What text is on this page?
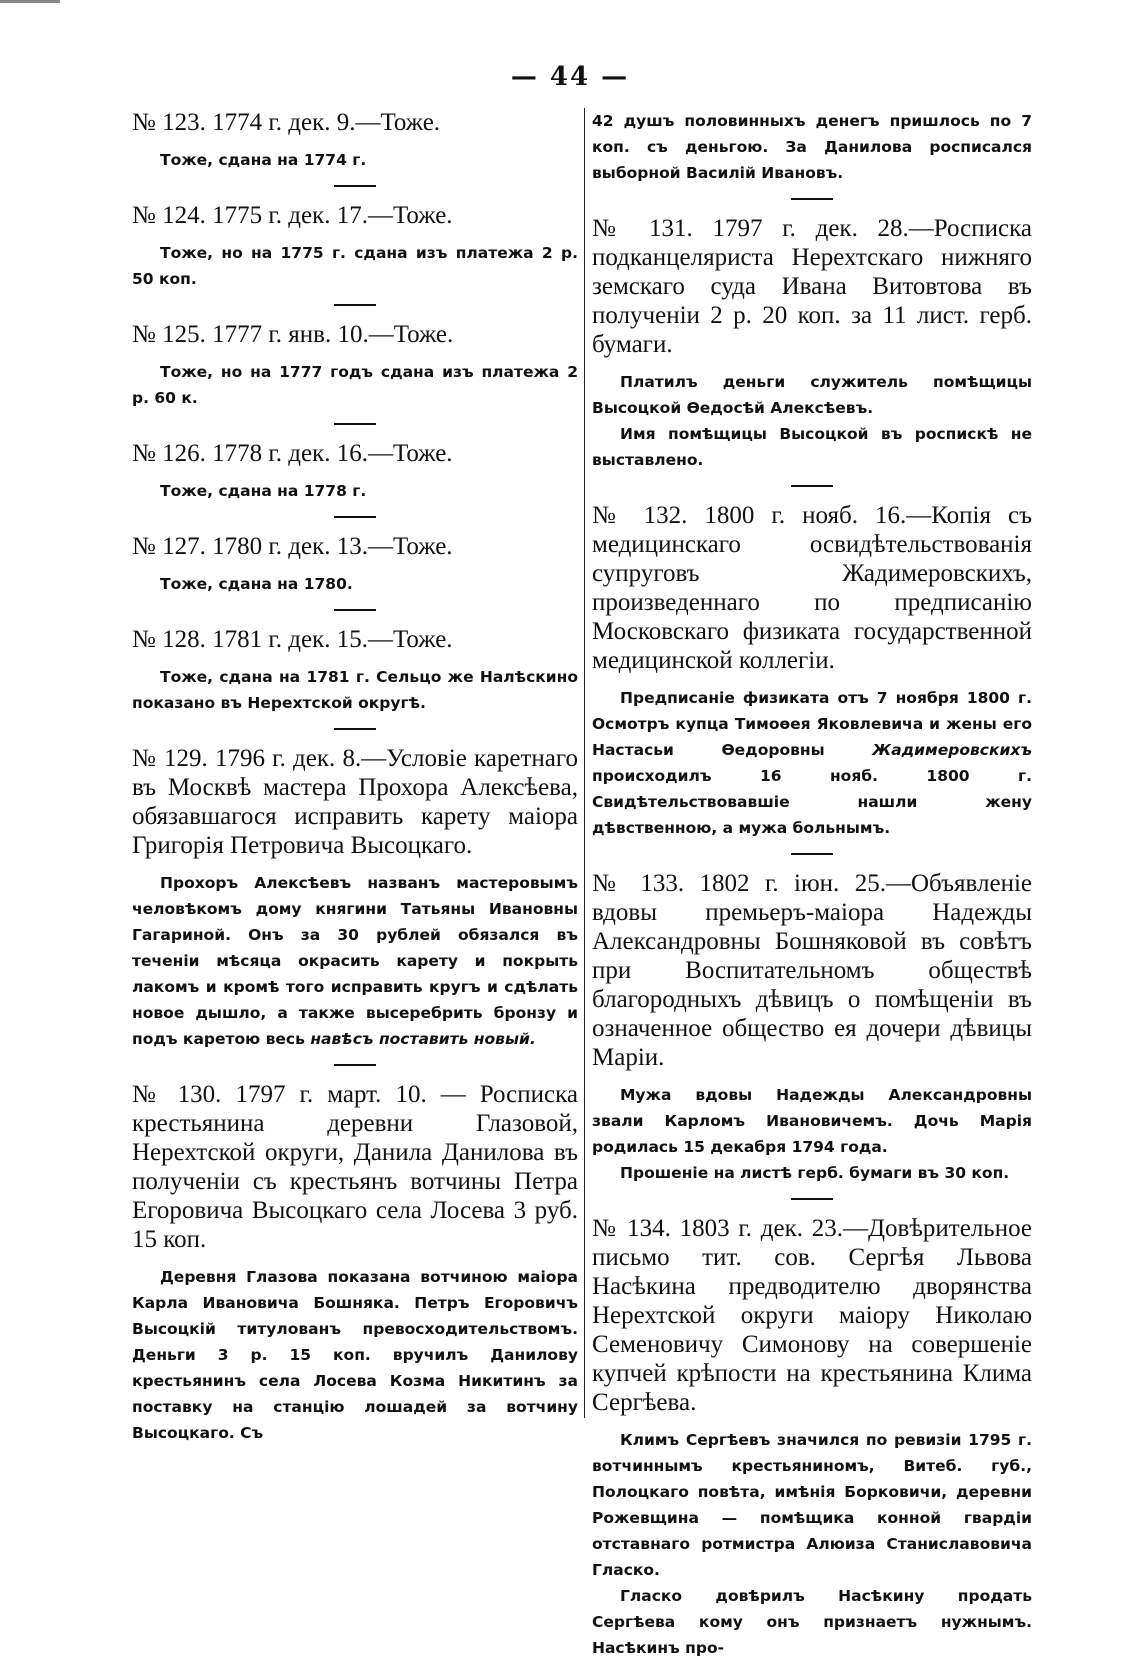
— 44 —

№ 123. 1774 г. дек. 9.—Тоже.

Тоже, сдана на 1774 г.

№ 124. 1775 г. дек. 17.—Тоже.

Тоже, но на 1775 г. сдана изъ платежа 2 р. 50 коп.

№ 125. 1777 г. янв. 10.—Тоже.

Тоже, но на 1777 годъ сдана изъ платежа 2 р. 60 к.

№ 126. 1778 г. дек. 16.—Тоже.

Тоже, сдана на 1778 г.

№ 127. 1780 г. дек. 13.—Тоже.

Тоже, сдана на 1780.

№ 128. 1781 г. дек. 15.—Тоже.

Тоже, сдана на 1781 г. Сельцо же Налѣскино показано въ Нерехтской округѣ.

№ 129. 1796 г. дек. 8.—Условіе каретнаго въ Москвѣ мастера Прохора Алексѣева, обязавшагося исправить карету маіора Григорія Петровича Высоцкаго.

Прохоръ Алексѣевъ названъ мастеровымъ человѣкомъ дому княгини Татьяны Ивановны Гагариной. Онъ за 30 рублей обязался въ теченіи мѣсяца окрасить карету и покрыть лакомъ и кромѣ того исправить кругъ и сдѣлать новое дышло, а также высеребрить бронзу и подъ каретою весь навѣсъ поставить новый.

№ 130. 1797 г. март. 10. — Росписка крестьянина деревни Глазовой, Нерехтской округи, Данила Данилова въ полученіи съ крестьянъ вотчины Петра Егоровича Высоцкаго села Лосева 3 руб. 15 коп.

Деревня Глазова показана вотчиною маіора Карла Ивановича Бошняка. Петръ Егоровичъ Высоцкій титулованъ превосходительствомъ. Деньги 3 р. 15 коп. вручилъ Данилову крестьянинъ села Лосева Козма Никитинъ за поставку на станцію лошадей за вотчину Высоцкаго. Съ

42 душъ половинныхъ денегъ пришлось по 7 коп. съ деньгою. За Данилова росписался выборной Василій Ивановъ.

№ 131. 1797 г. дек. 28.—Росписка подканцеляриста Нерехтскаго нижняго земскаго суда Ивана Витовтова въ полученіи 2 р. 20 коп. за 11 лист. герб. бумаги.

Платилъ деньги служитель помѣщицы Высоцкой Ѳедосѣй Алексѣевъ.

Имя помѣщицы Высоцкой въ роспискѣ не выставлено.

№ 132. 1800 г. нояб. 16.—Копія съ медицинскаго освидѣтельствованія супруговъ Жадимеровскихъ, произведеннаго по предписанію Московскаго физиката государственной медицинской коллегіи.

Предписаніе физиката отъ 7 ноября 1800 г. Осмотръ купца Тимоѳея Яковлевича и жены его Настасьи Ѳедоровны	Жадимеровскихъ происходилъ 16 нояб. 1800 г. Свидѣтельствовавшіе нашли жену дѣвственною, а мужа больнымъ.

№ 133. 1802 г. іюн. 25.—Объявленіе вдовы премьеръ-маіора Надежды Александровны Бошняковой въ совѣтъ при Воспитательномъ обществѣ благородныхъ дѣвицъ о помѣщеніи въ означенное общество ея дочери дѣвицы Маріи.

Мужа вдовы Надежды Александровны звали Карломъ Ивановичемъ. Дочь Марія родилась 15 декабря 1794 года.

Прошеніе на листѣ герб. бумаги въ 30 коп.

№ 134. 1803 г. дек. 23.—Довѣрительное письмо тит. сов. Сергѣя Львова Насѣкина предводителю дворянства Нерехтской округи маіору Николаю Семеновичу Симонову на совершеніе купчей крѣпости на крестьянина Клима Сергѣева.

Климъ Сергѣевъ значился по ревизіи 1795 г. вотчиннымъ крестьяниномъ, Витеб. губ., Полоцкаго повѣта, имѣнія Борковичи, деревни Рожевщина — помѣщика конной гвардіи отставнаго ротмистра Алюиза Станиславовича Гласко.

Гласко довѣрилъ Насѣкину продать Сергѣева кому онъ признаетъ нужнымъ. Насѣкинъ про-
